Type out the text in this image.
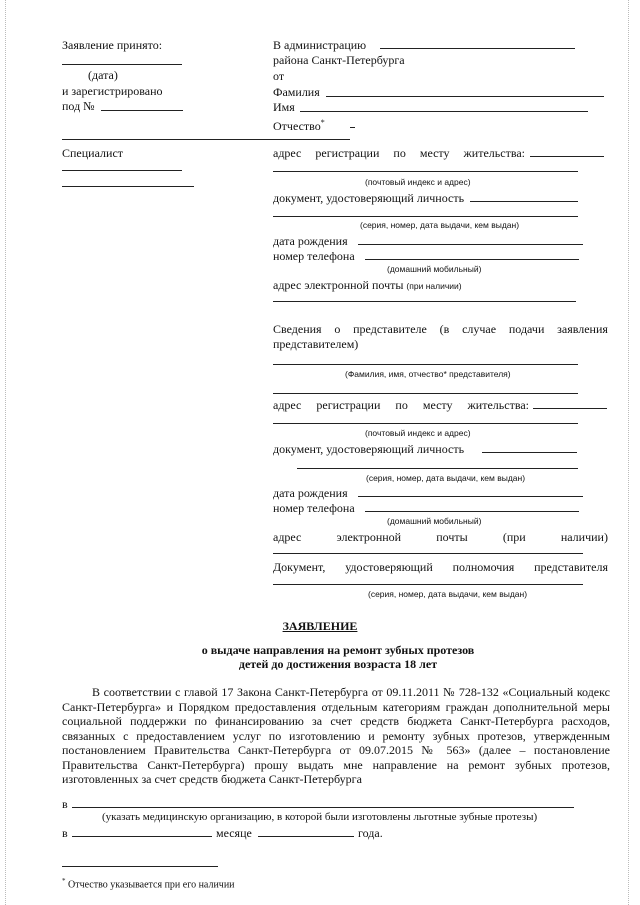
Заявление принято:
(дата)
и зарегистрировано
под №
Специалист
В администрацию
района Санкт-Петербурга
от
Фамилия
Имя
Отчество*
адрес регистрации по месту жительства:
(почтовый индекс и адрес)
документ, удостоверяющий личность
(серия, номер, дата выдачи, кем выдан)
дата рождения
номер телефона
(домашний мобильный)
адрес электронной почты (при наличии)
Сведения о представителе (в случае подачи заявления
представителем)
(Фамилия, имя, отчество* представителя)
адрес регистрации по месту жительства:
(почтовый индекс и адрес)
документ, удостоверяющий личность
(серия, номер, дата выдачи, кем выдан)
дата рождения
номер телефона
(домашний мобильный)
адрес	электронной	почты	(при	наличии)
Документ, удостоверяющий полномочия представителя
(серия, номер, дата выдачи, кем выдан)
ЗАЯВЛЕНИЕ
о выдаче направления на ремонт зубных протезов
детей до достижения возраста 18 лет
В соответствии с главой 17 Закона Санкт-Петербурга от 09.11.2011 № 728-132 «Социальный кодекс Санкт-Петербурга» и Порядком предоставления отдельным категориям граждан дополнительной меры социальной поддержки по финансированию за счет средств бюджета Санкт-Петербурга расходов, связанных с предоставлением услуг по изготовлению и ремонту зубных протезов, утвержденным постановлением Правительства Санкт-Петербурга от 09.07.2015 № 563» (далее – постановление Правительства Санкт-Петербурга) прошу выдать мне направление на ремонт зубных протезов, изготовленных за счет средств бюджета Санкт-Петербурга
в
(указать медицинскую организацию, в которой были изготовлены льготные зубные протезы)
в	месяце	года.
* Отчество указывается при его наличии
